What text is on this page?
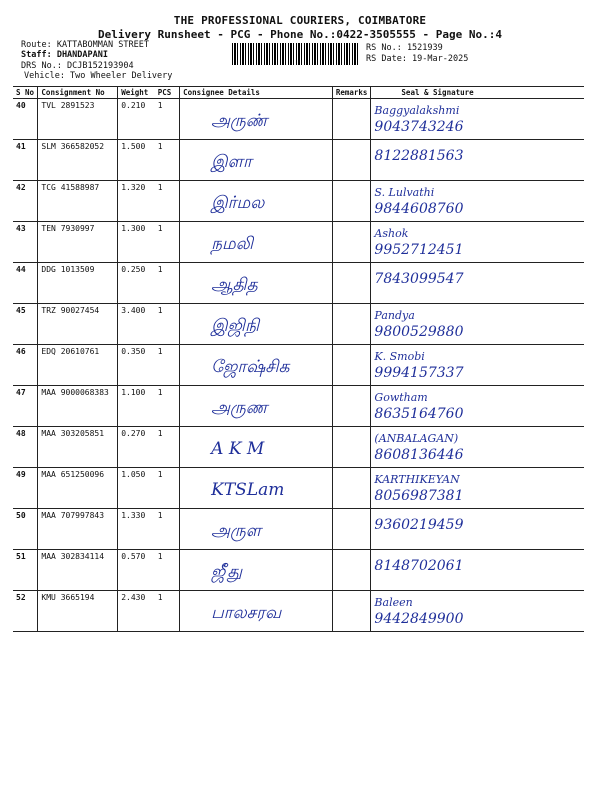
THE PROFESSIONAL COURIERS, COIMBATORE
Delivery Runsheet - PCG - Phone No.:0422-3505555 - Page No.:4
Route: KATTABOMMAN STREET
Staff: DHANDAPANI
DRS No.: DCJB152193904
Vehicle: Two Wheeler Delivery
RS No.: 1521939
RS Date: 19-Mar-2025
S No	Consignment No	Weight	PCS	Consignee Details	Remarks	Seal & Signature
40	TVL 2891523	0.210	1	அருண்		Baggyalakshmi
9043743246

41	SLM 366582052	1.500	1	இளா		8122881563

42	TCG 41588987	1.320	1	இர்மல		S. Lulvathi
9844608760

43	TEN 7930997	1.300	1	நமலி		Ashok
9952712451

44	DDG 1013509	0.250	1	ஆதித		7843099547

45	TRZ 90027454	3.400	1	இஜிநி		Pandya
9800529880

46	EDQ 20610761	0.350	1	ஜோஷ்சிக		K. Smobi
9994157337

47	MAA 9000068383	1.100	1	அருண		Gowtham
8635164760

48	MAA 303205851	0.270	1	A K M		(ANBALAGAN)
8608136446

49	MAA 651250096	1.050	1	KTSLam		KARTHIKEYAN
8056987381

50	MAA 707997843	1.330	1	அருள		9360219459

51	MAA 302834114	0.570	1	ஜீ்து		8148702061

52	KMU 3665194	2.430	1	பாலசரவ		Baleen
9442849900
